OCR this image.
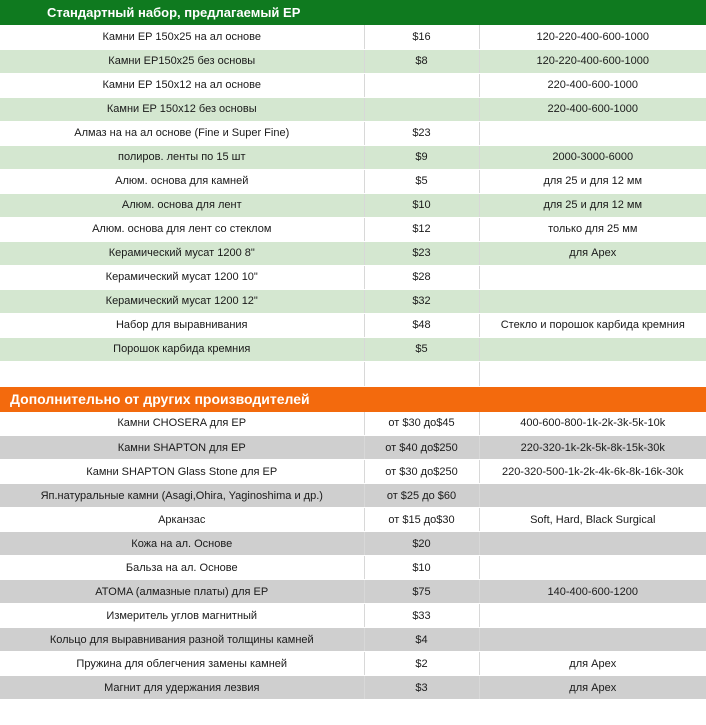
Стандартный набор, предлагаемый EP
Камни EP 150х25 на ал основе	$16	120-220-400-600-1000
Камни EP150х25 без основы	$8	120-220-400-600-1000
Камни EP 150х12 на ал основе		220-400-600-1000
Камни EP 150х12 без основы		220-400-600-1000
Алмаз на на ал основе (Fine и Super Fine)	$23	
полиров. ленты по 15 шт	$9	2000-3000-6000
Алюм. основа для камней	$5	для 25 и для 12 мм
Алюм. основа для лент	$10	для 25 и для 12 мм
Алюм. основа для лент со стеклом	$12	только для 25 мм
Керамический мусат 1200 8"	$23	для Apex
Керамический мусат 1200 10"	$28	
Керамический мусат 1200 12"	$32	
Набор для выравнивания	$48	Стекло и порошок карбида кремния
Порошок карбида кремния	$5	

Дополнительно от других производителей
Камни CHOSERA для EP	от $30 до$45	400-600-800-1k-2k-3k-5k-10k
Камни SHAPTON для EP	от $40 до$250	220-320-1k-2k-5k-8k-15k-30k
Камни SHAPTON Glass Stone для EP	от $30 до$250	220-320-500-1k-2k-4k-6k-8k-16k-30k
Яп.натуральные камни (Asagi,Ohira, Yaginoshima и др.)	от $25 до $60	
Арканзас	от $15 до$30	Soft, Hard, Black Surgical
Кожа на ал. Основе	$20	
Бальза на ал. Основе	$10	
ATOMA (алмазные платы) для EP	$75	140-400-600-1200
Измеритель углов магнитный	$33	
Кольцо для выравнивания разной толщины камней	$4	
Пружина для облегчения замены камней	$2	для Apex
Магнит для удержания лезвия	$3	для Apex
